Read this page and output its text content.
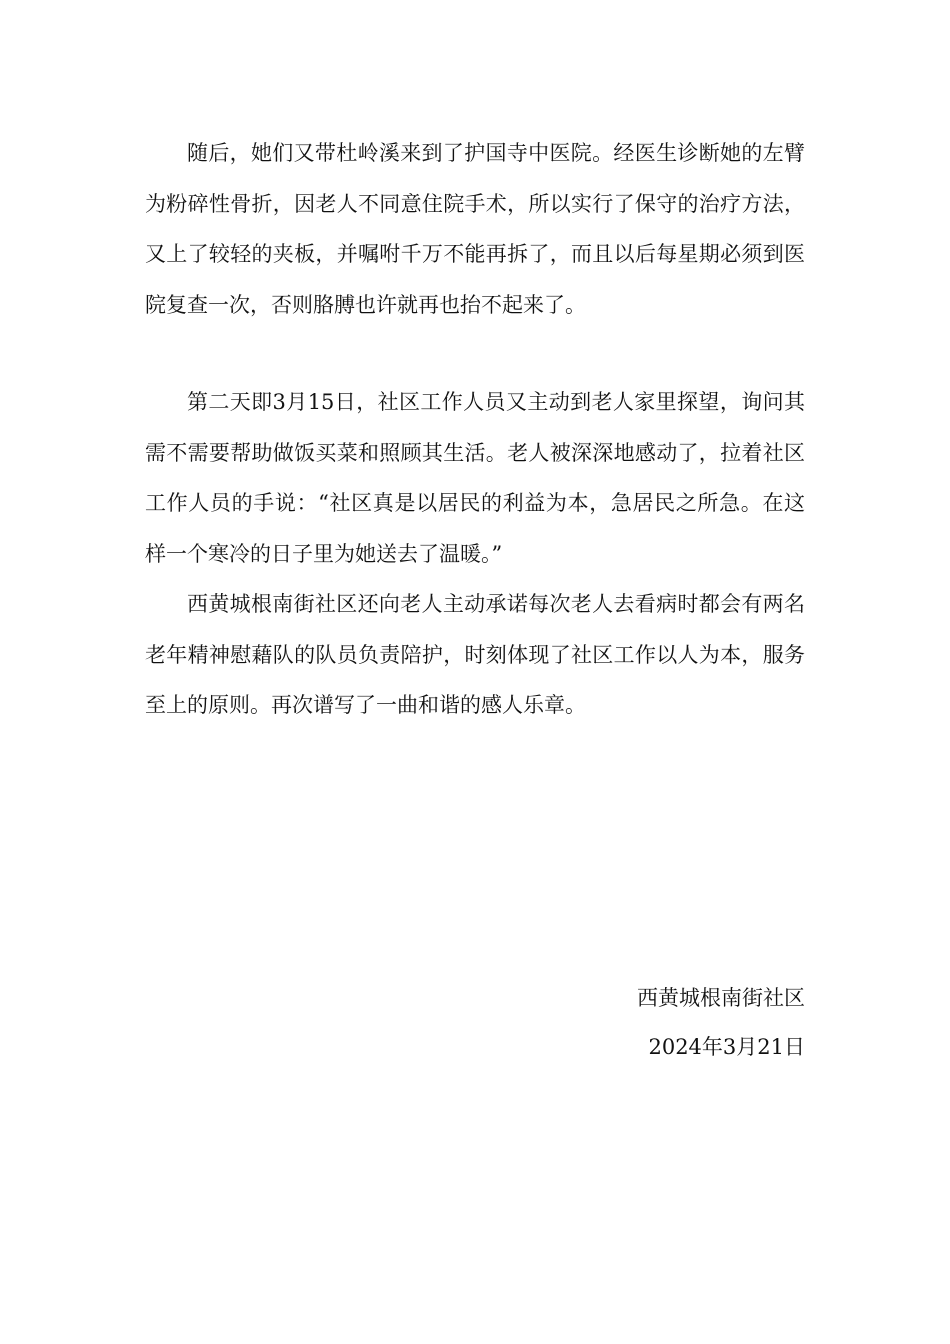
随后，她们又带杜岭溪来到了护国寺中医院。经医生诊断她的左臂为粉碎性骨折，因老人不同意住院手术，所以实行了保守的治疗方法，又上了较轻的夹板，并嘱咐千万不能再拆了，而且以后每星期必须到医院复查一次，否则胳膊也许就再也抬不起来了。

第二天即3月15日，社区工作人员又主动到老人家里探望，询问其需不需要帮助做饭买菜和照顾其生活。老人被深深地感动了，拉着社区工作人员的手说：“社区真是以居民的利益为本，急居民之所急。在这样一个寒冷的日子里为她送去了温暖。”

西黄城根南街社区还向老人主动承诺每次老人去看病时都会有两名老年精神慰藉队的队员负责陪护，时刻体现了社区工作以人为本，服务至上的原则。再次谱写了一曲和谐的感人乐章。

西黄城根南街社区

2024年3月21日
